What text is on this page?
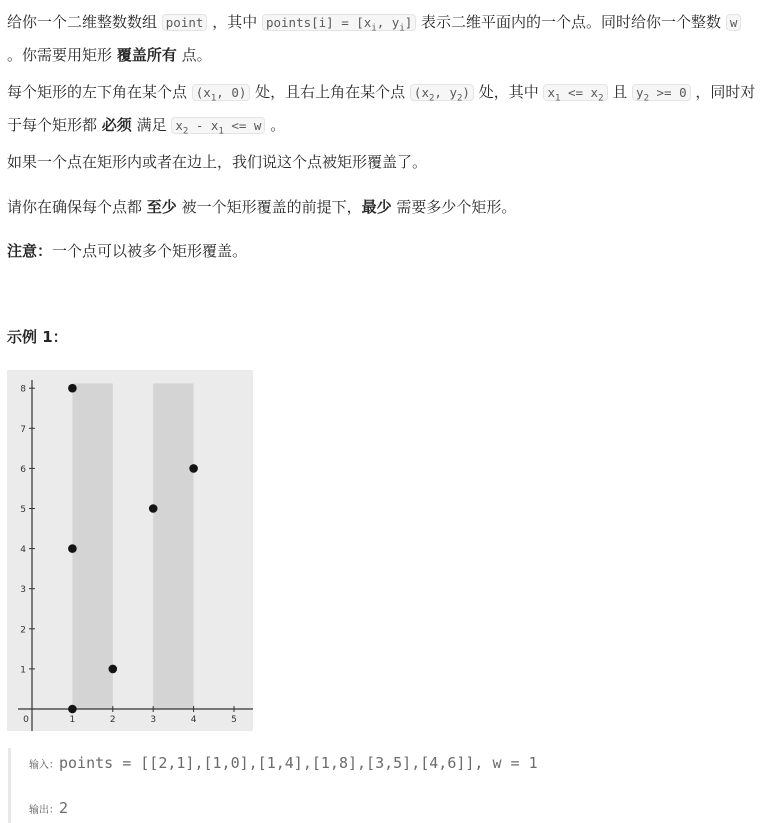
给你一个二维整数数组 point ，其中 points[i] = [$x_i$, $y_i$] 表示二维平面内的一个点。同时给你一个整数 w 。你需要用矩形 覆盖所有 点。

每个矩形的左下角在某个点 ($x_1$, 0) 处，且右上角在某个点 ($x_2$, $y_2$) 处，其中 $x_1 <= x_2$ 且 $y_2 >= 0$ ，同时对于每个矩形都 必须 满足 $x_2 - x_1 <= w$ 。

如果一个点在矩形内或者在边上，我们说这个点被矩形覆盖了。

请你在确保每个点都 至少 被一个矩形覆盖的前提下，最少 需要多少个矩形。

注意：一个点可以被多个矩形覆盖。

示例 1：
1
2
3
4
5
6
7
8
0	1	2	3	4	5
输入：points = [[2,1],[1,0],[1,4],[1,8],[3,5],[4,6]], w = 1
输出：2
